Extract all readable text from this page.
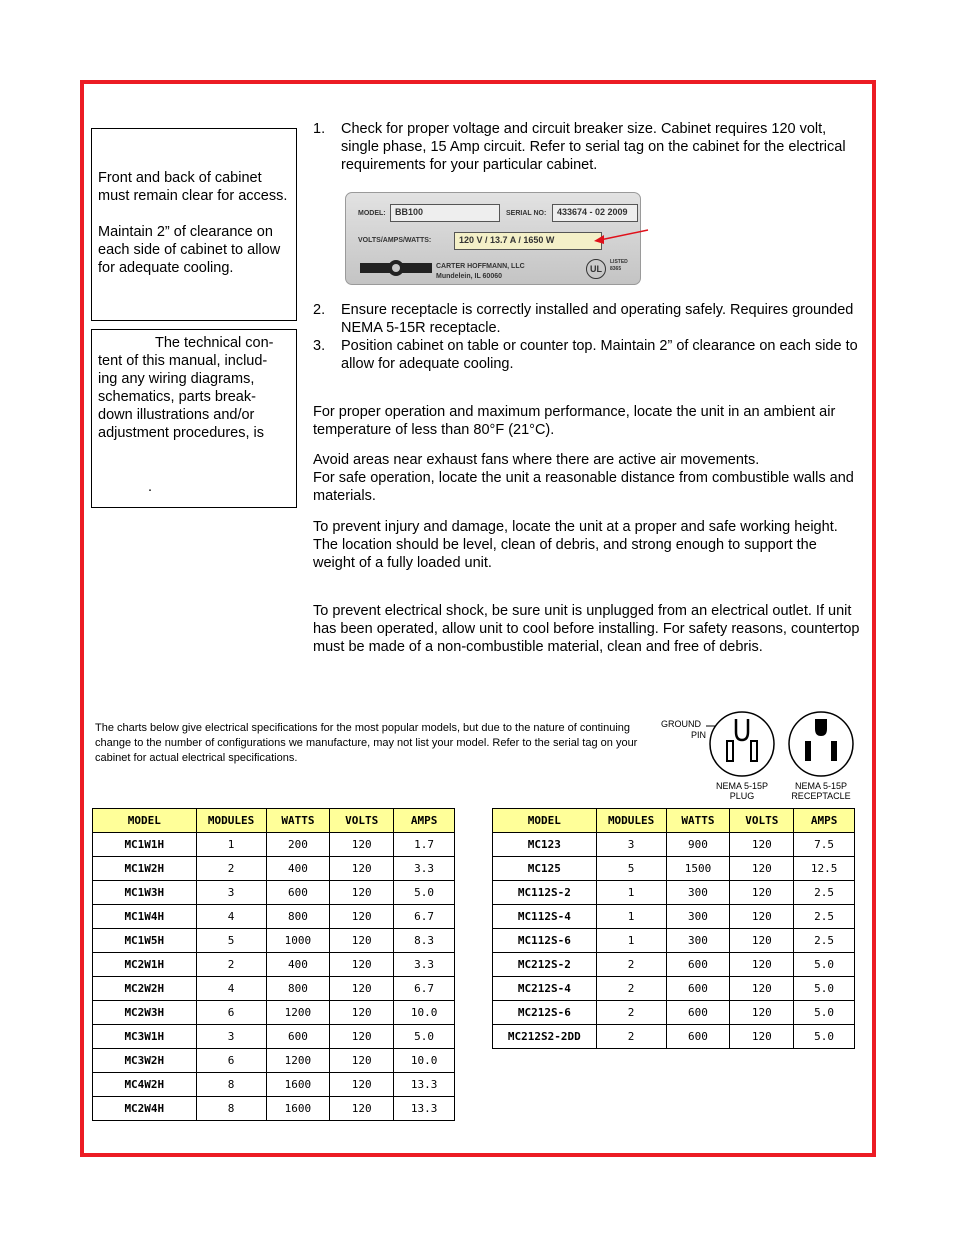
Front and back of cabinet must remain clear for access.

Maintain 2” of clearance on each side of cabinet to allow for adequate cooling.

The technical con-

tent of this manual, includ-

ing any wiring diagrams,

schematics, parts break-

down illustrations and/or

adjustment procedures, is

.

1.	Check for proper voltage and circuit breaker size. Cabinet requires 120 volt, single phase, 15 Amp circuit. Refer to serial tag on the cabinet for the electrical requirements for your particular cabinet.
MODEL:	BB100	SERIAL NO:	433674 - 02 2009
VOLTS/AMPS/WATTS:	120 V / 13.7 A / 1650 W
CARTER HOFFMANN, LLC
Mundelein, IL 60060
UL
LISTED
8365
2.	Ensure receptacle is correctly installed and operating safely. Requires grounded NEMA 5-15R receptacle.
3.	Position cabinet on table or counter top. Maintain 2” of clearance on each side to allow for adequate cooling.

For proper operation and maximum performance, locate the unit in an ambient air temperature of less than 80°F (21°C).

Avoid areas near exhaust fans where there are active air movements.

For safe operation, locate the unit a reasonable distance from combustible walls and materials.

To prevent injury and damage, locate the unit at a proper and safe working height. The location should be level, clean of debris, and strong enough to support the weight of a fully loaded unit.

To prevent electrical shock, be sure unit is unplugged from an electrical outlet. If unit has been operated, allow unit to cool before installing. For safety reasons, countertop must be made of a non-combustible material, clean and free of debris.

The charts below give electrical specifications for the most popular models, but due to the nature of continuing change to the number of configurations we manufacture, may not list your model. Refer to the serial tag on your cabinet for actual electrical specifications.

GROUND
PIN
NEMA 5-15P
PLUG
NEMA 5-15P
RECEPTACLE
MODEL	MODULES	WATTS	VOLTS	AMPS
MC1W1H	1	200	120	1.7
MC1W2H	2	400	120	3.3
MC1W3H	3	600	120	5.0
MC1W4H	4	800	120	6.7
MC1W5H	5	1000	120	8.3
MC2W1H	2	400	120	3.3
MC2W2H	4	800	120	6.7
MC2W3H	6	1200	120	10.0
MC3W1H	3	600	120	5.0
MC3W2H	6	1200	120	10.0
MC4W2H	8	1600	120	13.3
MC2W4H	8	1600	120	13.3
MODEL	MODULES	WATTS	VOLTS	AMPS
MC123	3	900	120	7.5
MC125	5	1500	120	12.5
MC112S-2	1	300	120	2.5
MC112S-4	1	300	120	2.5
MC112S-6	1	300	120	2.5
MC212S-2	2	600	120	5.0
MC212S-4	2	600	120	5.0
MC212S-6	2	600	120	5.0
MC212S2-2DD	2	600	120	5.0
